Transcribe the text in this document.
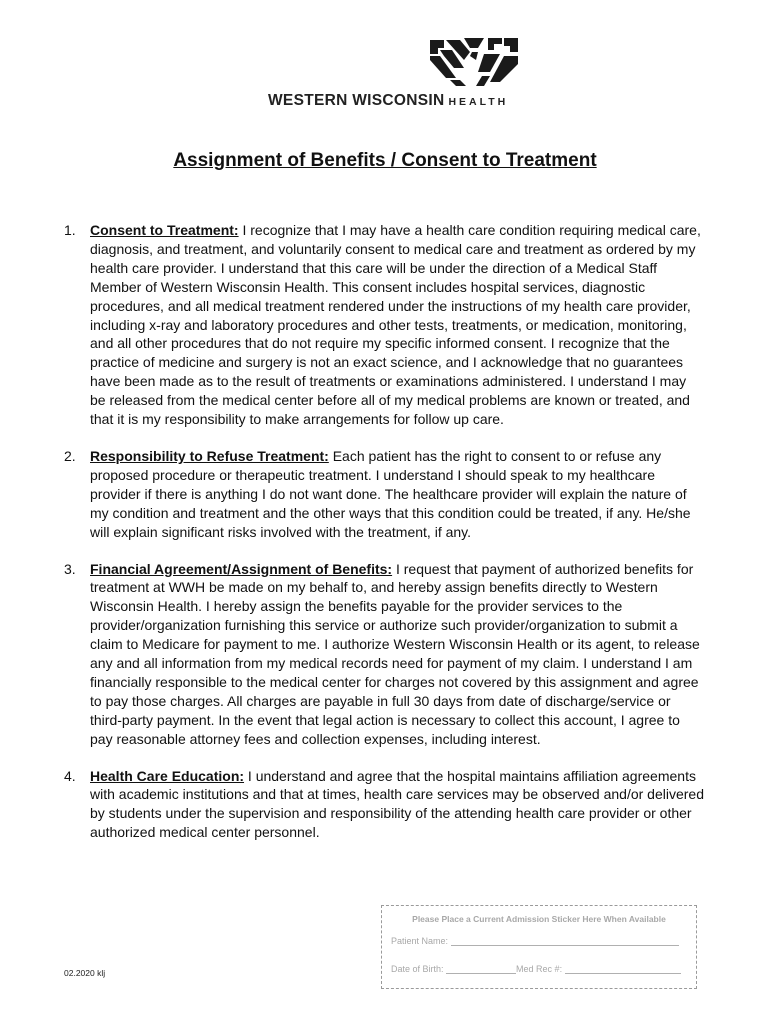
WESTERN WISCONSIN HEALTH
Assignment of Benefits / Consent to Treatment
1. Consent to Treatment: I recognize that I may have a health care condition requiring medical care, diagnosis, and treatment, and voluntarily consent to medical care and treatment as ordered by my health care provider. I understand that this care will be under the direction of a Medical Staff Member of Western Wisconsin Health. This consent includes hospital services, diagnostic procedures, and all medical treatment rendered under the instructions of my health care provider, including x-ray and laboratory procedures and other tests, treatments, or medication, monitoring, and all other procedures that do not require my specific informed consent. I recognize that the practice of medicine and surgery is not an exact science, and I acknowledge that no guarantees have been made as to the result of treatments or examinations administered. I understand I may be released from the medical center before all of my medical problems are known or treated, and that it is my responsibility to make arrangements for follow up care.
2. Responsibility to Refuse Treatment: Each patient has the right to consent to or refuse any proposed procedure or therapeutic treatment. I understand I should speak to my healthcare provider if there is anything I do not want done. The healthcare provider will explain the nature of my condition and treatment and the other ways that this condition could be treated, if any. He/she will explain significant risks involved with the treatment, if any.
3. Financial Agreement/Assignment of Benefits: I request that payment of authorized benefits for treatment at WWH be made on my behalf to, and hereby assign benefits directly to Western Wisconsin Health. I hereby assign the benefits payable for the provider services to the provider/organization furnishing this service or authorize such provider/organization to submit a claim to Medicare for payment to me. I authorize Western Wisconsin Health or its agent, to release any and all information from my medical records need for payment of my claim. I understand I am financially responsible to the medical center for charges not covered by this assignment and agree to pay those charges. All charges are payable in full 30 days from date of discharge/service or third-party payment. In the event that legal action is necessary to collect this account, I agree to pay reasonable attorney fees and collection expenses, including interest.
4. Health Care Education: I understand and agree that the hospital maintains affiliation agreements with academic institutions and that at times, health care services may be observed and/or delivered by students under the supervision and responsibility of the attending health care provider or other authorized medical center personnel.
Please Place a Current Admission Sticker Here When Available
Patient Name:
Date of Birth:	Med Rec #:
02.2020 klj
